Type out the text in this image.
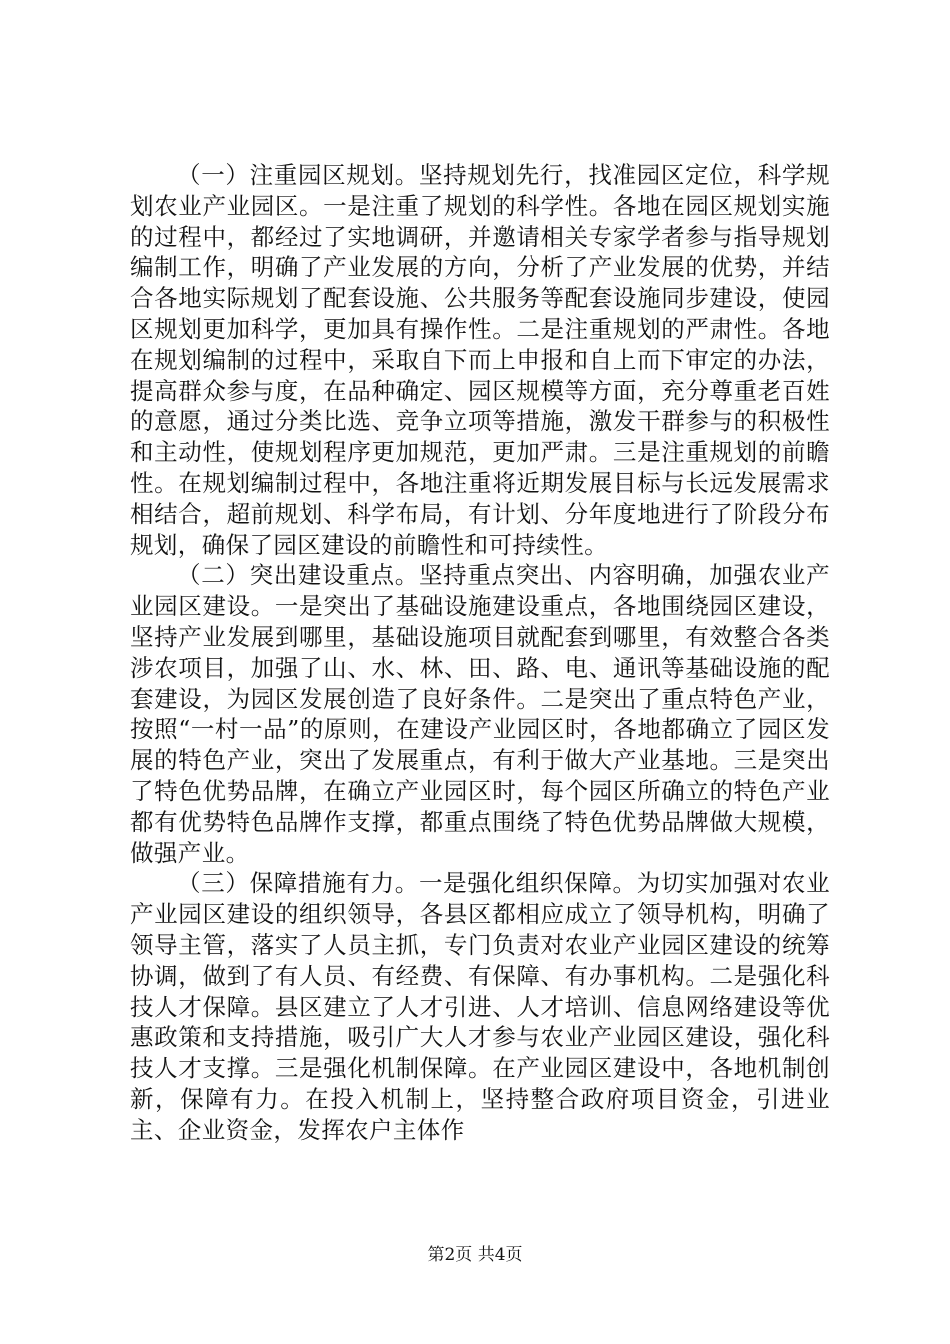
（一）注重园区规划。坚持规划先行，找准园区定位，科学规划农业产业园区。一是注重了规划的科学性。各地在园区规划实施的过程中，都经过了实地调研，并邀请相关专家学者参与指导规划编制工作，明确了产业发展的方向，分析了产业发展的优势，并结合各地实际规划了配套设施、公共服务等配套设施同步建设，使园区规划更加科学，更加具有操作性。二是注重规划的严肃性。各地在规划编制的过程中，采取自下而上申报和自上而下审定的办法，提高群众参与度，在品种确定、园区规模等方面，充分尊重老百姓的意愿，通过分类比选、竞争立项等措施，激发干群参与的积极性和主动性，使规划程序更加规范，更加严肃。三是注重规划的前瞻性。在规划编制过程中，各地注重将近期发展目标与长远发展需求相结合，超前规划、科学布局，有计划、分年度地进行了阶段分布规划，确保了园区建设的前瞻性和可持续性。

（二）突出建设重点。坚持重点突出、内容明确，加强农业产业园区建设。一是突出了基础设施建设重点，各地围绕园区建设，坚持产业发展到哪里，基础设施项目就配套到哪里，有效整合各类涉农项目，加强了山、水、林、田、路、电、通讯等基础设施的配套建设，为园区发展创造了良好条件。二是突出了重点特色产业，按照“一村一品”的原则，在建设产业园区时，各地都确立了园区发展的特色产业，突出了发展重点，有利于做大产业基地。三是突出了特色优势品牌，在确立产业园区时，每个园区所确立的特色产业都有优势特色品牌作支撑，都重点围绕了特色优势品牌做大规模，做强产业。

（三）保障措施有力。一是强化组织保障。为切实加强对农业产业园区建设的组织领导，各县区都相应成立了领导机构，明确了领导主管，落实了人员主抓，专门负责对农业产业园区建设的统筹协调，做到了有人员、有经费、有保障、有办事机构。二是强化科技人才保障。县区建立了人才引进、人才培训、信息网络建设等优惠政策和支持措施，吸引广大人才参与农业产业园区建设，强化科技人才支撑。三是强化机制保障。在产业园区建设中，各地机制创新，保障有力。在投入机制上，坚持整合政府项目资金，引进业主、企业资金，发挥农户主体作

第2页 共4页
